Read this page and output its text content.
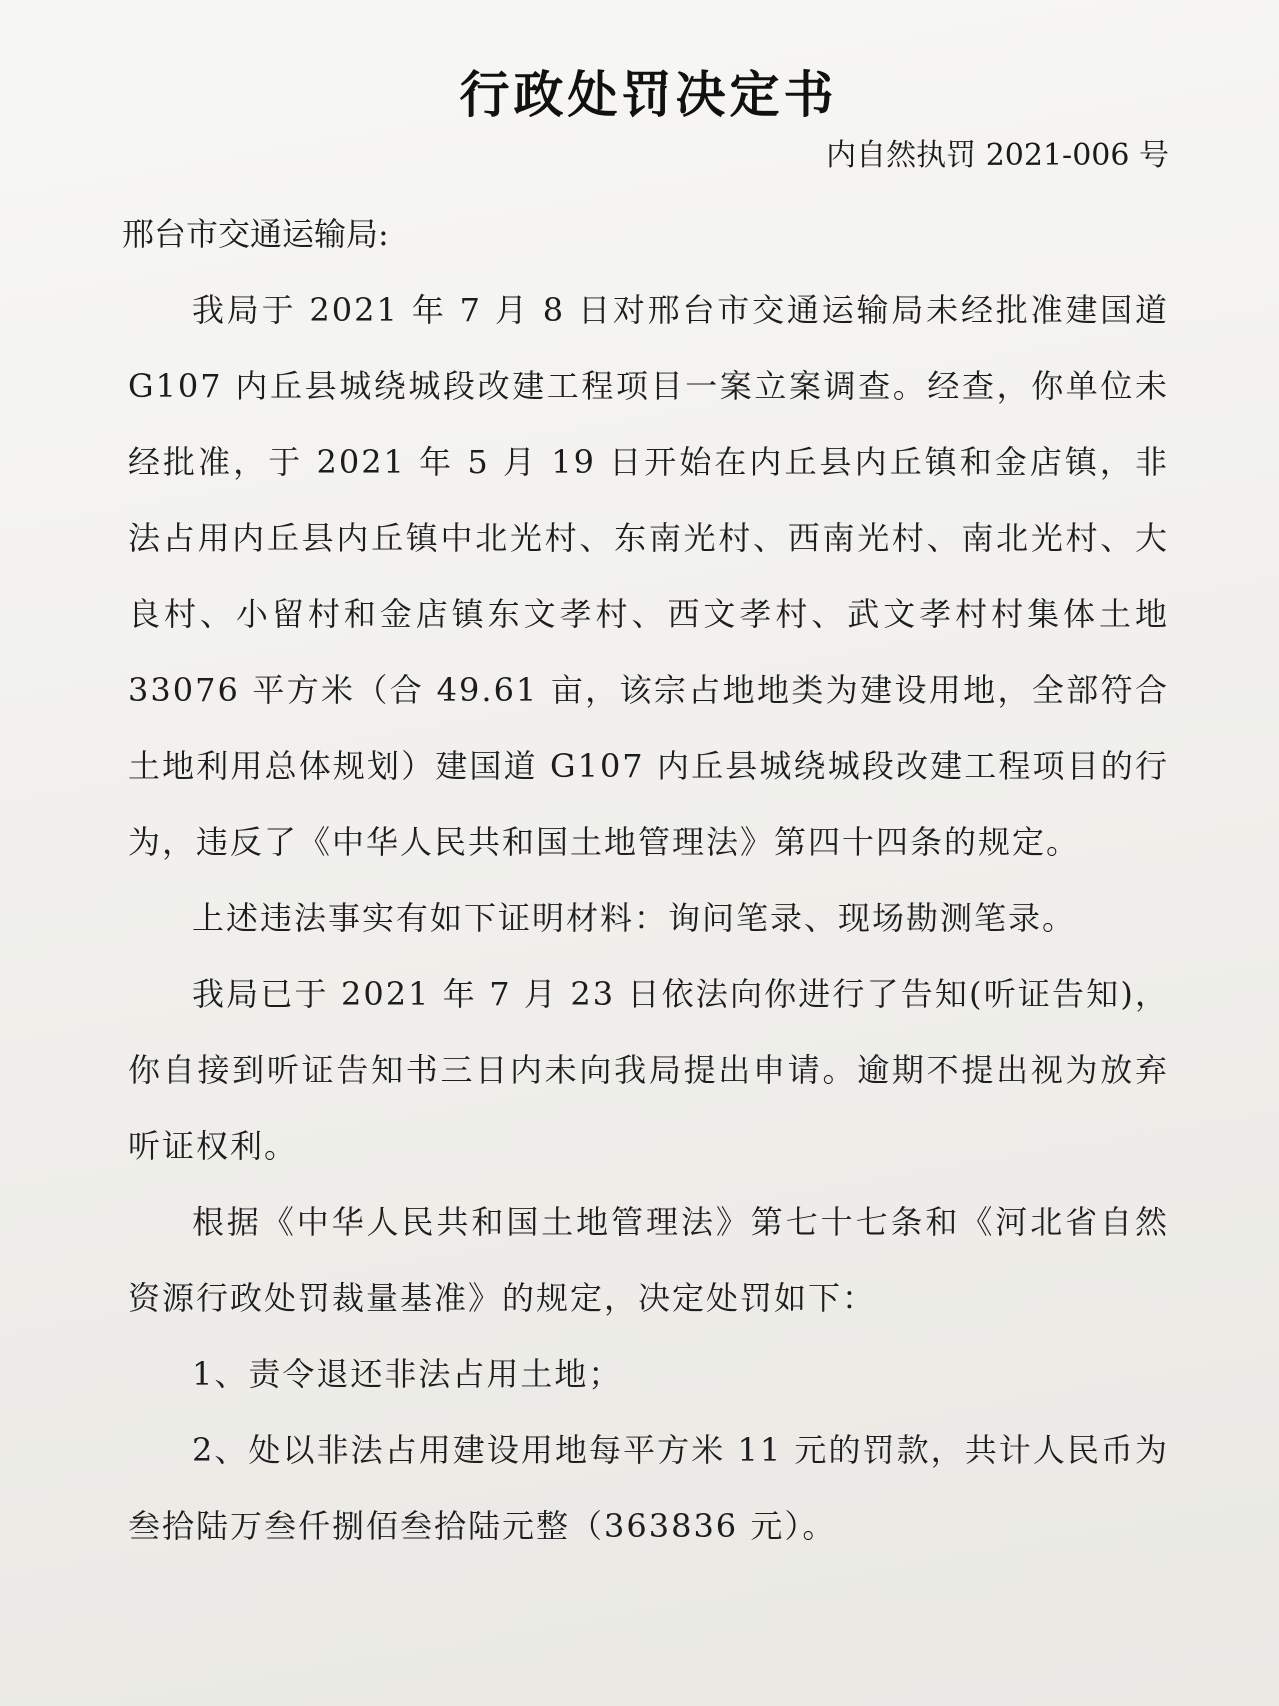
行政处罚决定书
内自然执罚 2021-006 号
邢台市交通运输局:

我局于 2021 年 7 月 8 日对邢台市交通运输局未经批准建国道 G107 内丘县城绕城段改建工程项目一案立案调查。经查，你单位未经批准，于 2021 年 5 月 19 日开始在内丘县内丘镇和金店镇，非法占用内丘县内丘镇中北光村、东南光村、西南光村、南北光村、大良村、小留村和金店镇东文孝村、西文孝村、武文孝村村集体土地 33076 平方米（合 49.61 亩，该宗占地地类为建设用地，全部符合土地利用总体规划）建国道 G107 内丘县城绕城段改建工程项目的行为，违反了《中华人民共和国土地管理法》第四十四条的规定。

上述违法事实有如下证明材料：询问笔录、现场勘测笔录。

我局已于 2021 年 7 月 23 日依法向你进行了告知(听证告知)，你自接到听证告知书三日内未向我局提出申请。逾期不提出视为放弃听证权利。

根据《中华人民共和国土地管理法》第七十七条和《河北省自然资源行政处罚裁量基准》的规定，决定处罚如下：

1、责令退还非法占用土地；

2、处以非法占用建设用地每平方米 11 元的罚款，共计人民币为叁拾陆万叁仟捌佰叁拾陆元整（363836 元）。
